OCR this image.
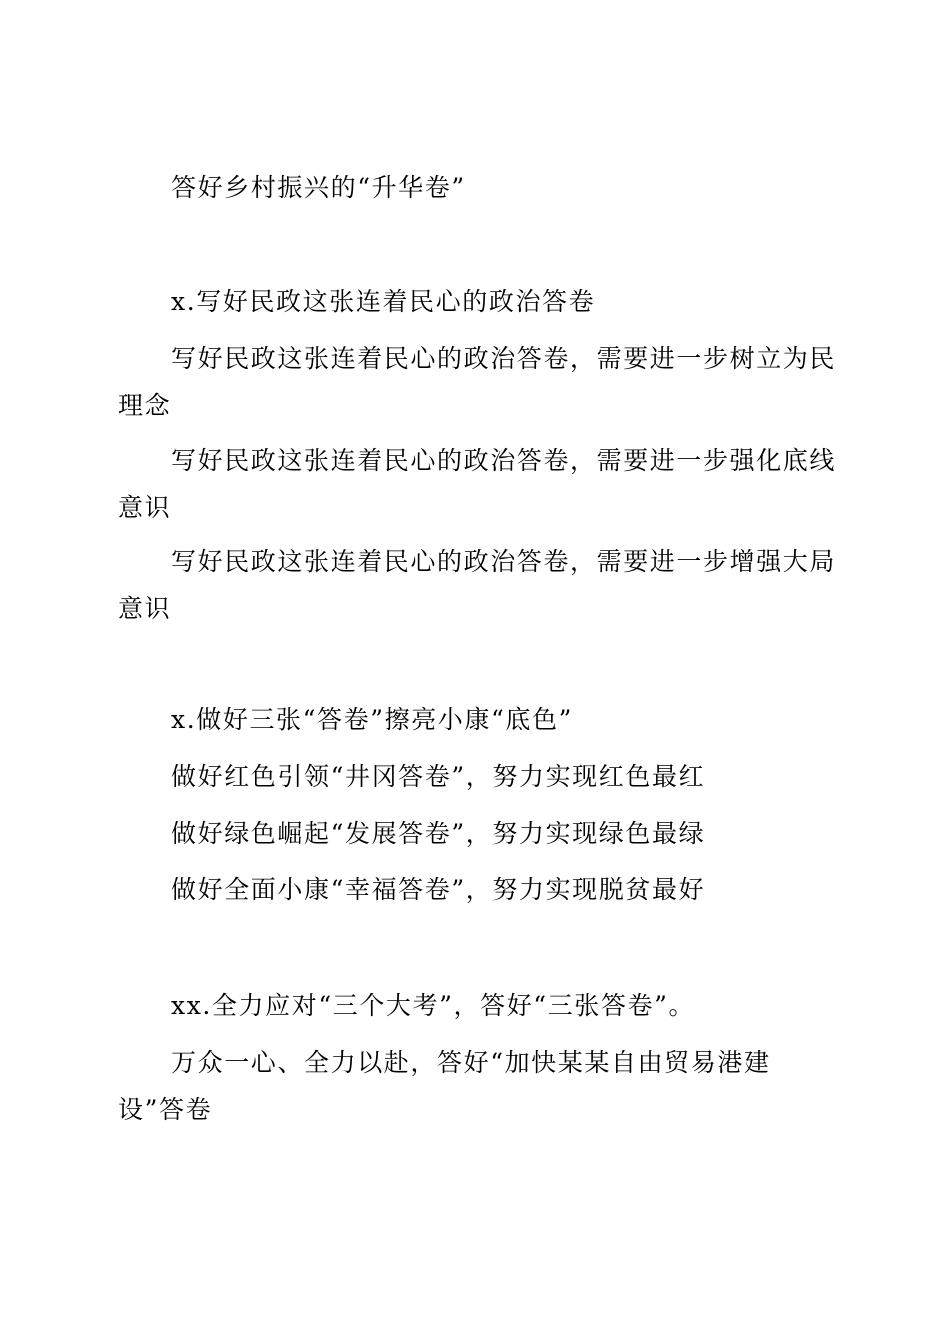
答好乡村振兴的“升华卷”

x.写好民政这张连着民心的政治答卷

写好民政这张连着民心的政治答卷，需要进一步树立为民理念

写好民政这张连着民心的政治答卷，需要进一步强化底线意识

写好民政这张连着民心的政治答卷，需要进一步增强大局意识

x.做好三张“答卷”擦亮小康“底色”

做好红色引领“井冈答卷”，努力实现红色最红

做好绿色崛起“发展答卷”，努力实现绿色最绿

做好全面小康“幸福答卷”，努力实现脱贫最好

xx.全力应对“三个大考”，答好“三张答卷”。

万众一心、全力以赴，答好“加快某某自由贸易港建设”答卷
